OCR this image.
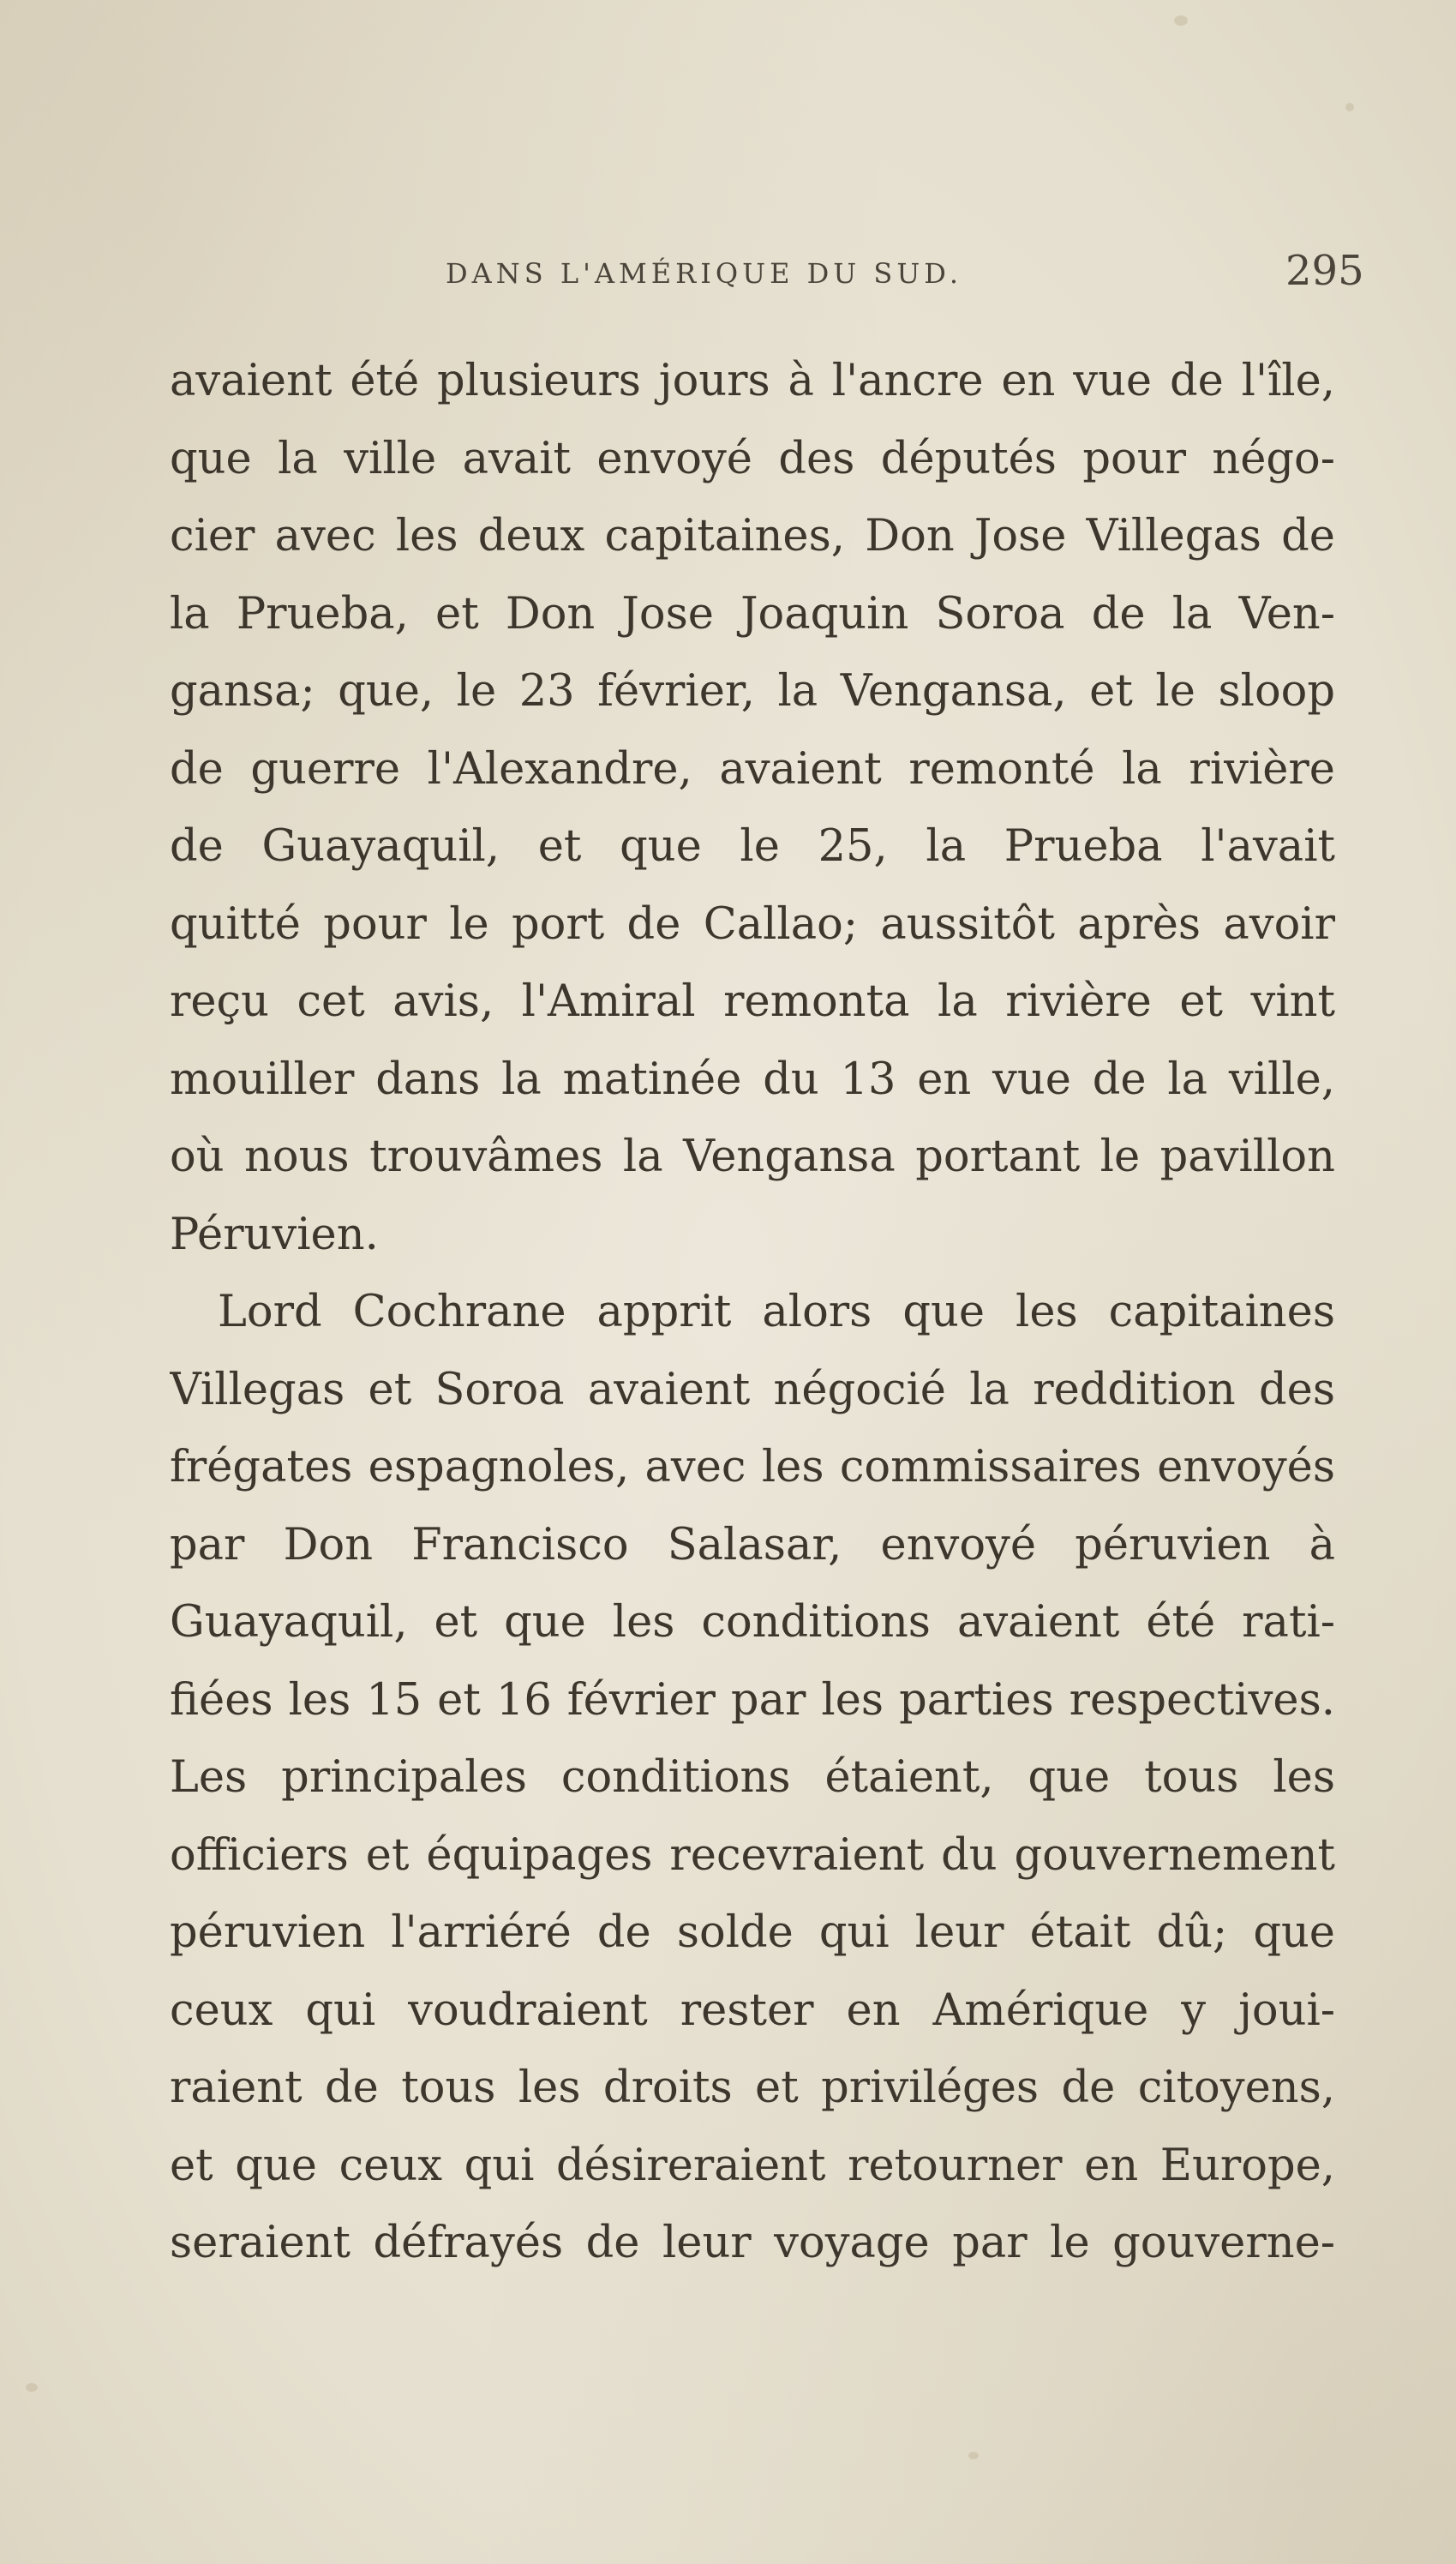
DANS L'AMÉRIQUE DU SUD.	295
avaient été plusieurs jours à l'ancre en vue de l'île,
que la ville avait envoyé des députés pour négo-
cier avec les deux capitaines, Don Jose Villegas de
la Prueba, et Don Jose Joaquin Soroa de la Ven-
gansa; que, le 23 février, la Vengansa, et le sloop
de guerre l'Alexandre, avaient remonté la rivière
de Guayaquil, et que le 25, la Prueba l'avait
quitté pour le port de Callao; aussitôt après avoir
reçu cet avis, l'Amiral remonta la rivière et vint
mouiller dans la matinée du 13 en vue de la ville,
où nous trouvâmes la Vengansa portant le pavillon
Péruvien.
Lord Cochrane apprit alors que les capitaines
Villegas et Soroa avaient négocié la reddition des
frégates espagnoles, avec les commissaires envoyés
par Don Francisco Salasar, envoyé péruvien à
Guayaquil, et que les conditions avaient été rati-
fiées les 15 et 16 février par les parties respectives.
Les principales conditions étaient, que tous les
officiers et équipages recevraient du gouvernement
péruvien l'arriéré de solde qui leur était dû; que
ceux qui voudraient rester en Amérique y joui-
raient de tous les droits et priviléges de citoyens,
et que ceux qui désireraient retourner en Europe,
seraient défrayés de leur voyage par le gouverne-
